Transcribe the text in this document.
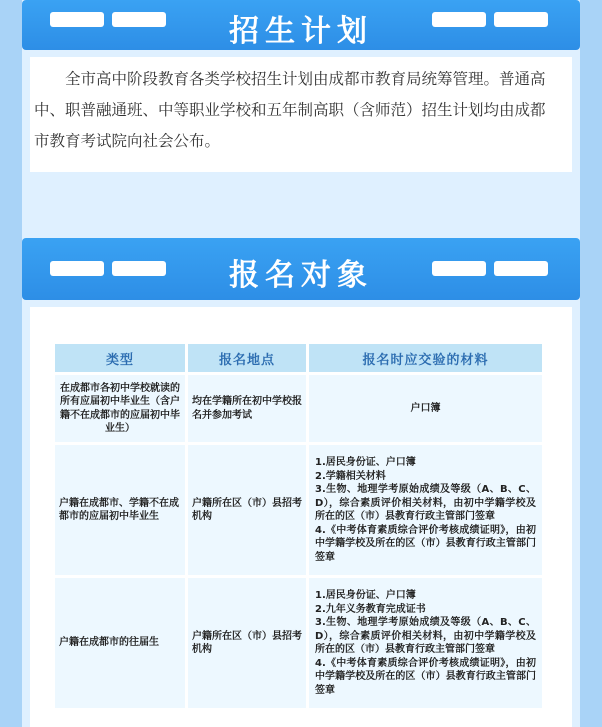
招生计划

全市高中阶段教育各类学校招生计划由成都市教育局统筹管理。普通高中、职普融通班、中等职业学校和五年制高职（含师范）招生计划均由成都市教育考试院向社会公布。

报名对象
类型	报名地点	报名时应交验的材料
在成都市各初中学校就读的所有应届初中毕业生（含户籍不在成都市的应届初中毕业生）	均在学籍所在初中学校报名并参加考试	户口簿

户籍在成都市、学籍不在成都市的应届初中毕业生	户籍所在区（市）县招考机构	1.居民身份证、户口簿
2.学籍相关材料
3.生物、地理学考原始成绩及等级（A、B、C、D），综合素质评价相关材料，由初中学籍学校及所在的区（市）县教育行政主管部门签章
4.《中考体育素质综合评价考核成绩证明》，由初中学籍学校及所在的区（市）县教育行政主管部门签章

户籍在成都市的往届生	户籍所在区（市）县招考机构	1.居民身份证、户口簿
2.九年义务教育完成证书
3.生物、地理学考原始成绩及等级（A、B、C、D），综合素质评价相关材料，由初中学籍学校及所在的区（市）县教育行政主管部门签章
4.《中考体育素质综合评价考核成绩证明》，由初中学籍学校及所在的区（市）县教育行政主管部门签章
